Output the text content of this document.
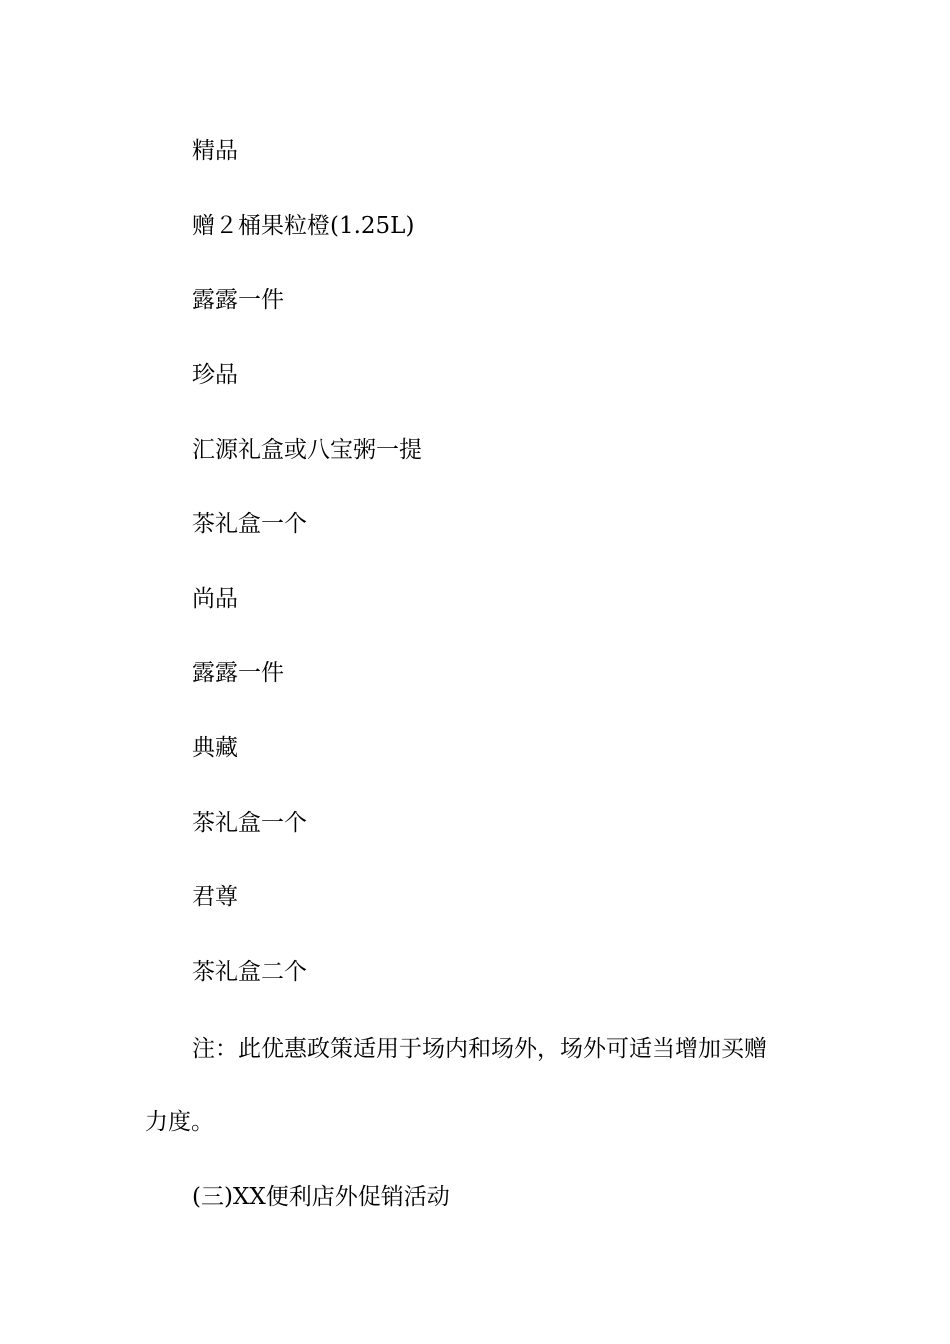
精品
赠２桶果粒橙(1.25L)
露露一件
珍品
汇源礼盒或八宝粥一提
茶礼盒一个
尚品
露露一件
典藏
茶礼盒一个
君尊
茶礼盒二个
注：此优惠政策适用于场内和场外，场外可适当增加买赠
力度。
(三)XX便利店外促销活动
